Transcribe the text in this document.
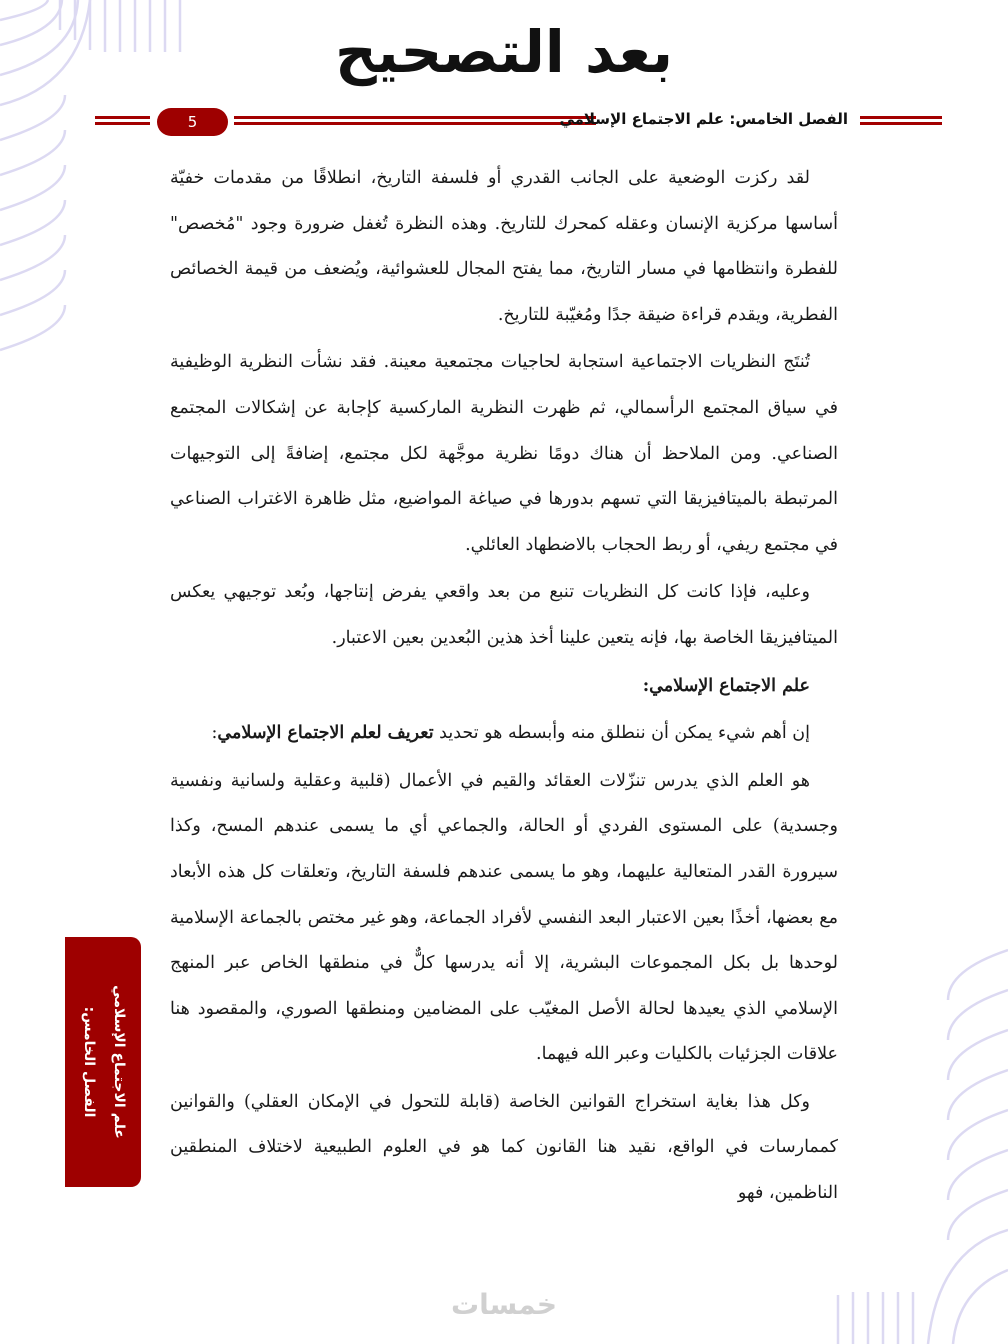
بعد التصحيح
5	الفصل الخامس: علم الاجتماع الإسلامي

لقد ركزت الوضعية على الجانب القدري أو فلسفة التاريخ، انطلاقًا من مقدمات خفيّة أساسها مركزية الإنسان وعقله كمحرك للتاريخ. وهذه النظرة تُغفل ضرورة وجود "مُخصص" للفطرة وانتظامها في مسار التاريخ، مما يفتح المجال للعشوائية، ويُضعف من قيمة الخصائص الفطرية، ويقدم قراءة ضيقة جدًا ومُغيّبة للتاريخ.

تُنتَج النظريات الاجتماعية استجابة لحاجيات مجتمعية معينة. فقد نشأت النظرية الوظيفية في سياق المجتمع الرأسمالي، ثم ظهرت النظرية الماركسية كإجابة عن إشكالات المجتمع الصناعي. ومن الملاحظ أن هناك دومًا نظرية موجَّهة لكل مجتمع، إضافةً إلى التوجيهات المرتبطة بالميتافيزيقا التي تسهم بدورها في صياغة المواضيع، مثل ظاهرة الاغتراب الصناعي في مجتمع ريفي، أو ربط الحجاب بالاضطهاد العائلي.

وعليه، فإذا كانت كل النظريات تنبع من بعد واقعي يفرض إنتاجها، وبُعد توجيهي يعكس الميتافيزيقا الخاصة بها، فإنه يتعين علينا أخذ هذين البُعدين بعين الاعتبار.

علم الاجتماع الإسلامي:

إن أهم شيء يمكن أن ننطلق منه وأبسطه هو تحديد تعريف لعلم الاجتماع الإسلامي:

هو العلم الذي يدرس تنزّلات العقائد والقيم في الأعمال (قلبية وعقلية ولسانية ونفسية وجسدية) على المستوى الفردي أو الحالة، والجماعي أي ما يسمى عندهم المسح، وكذا سيرورة القدر المتعالية عليهما، وهو ما يسمى عندهم فلسفة التاريخ، وتعلقات كل هذه الأبعاد مع بعضها، أخذًا بعين الاعتبار البعد النفسي لأفراد الجماعة، وهو غير مختص بالجماعة الإسلامية لوحدها بل بكل المجموعات البشرية، إلا أنه يدرسها كلٌّ في منطقها الخاص عبر المنهج الإسلامي الذي يعيدها لحالة الأصل المغيّب على المضامين ومنطقها الصوري، والمقصود هنا علاقات الجزئيات بالكليات وعبر الله فيهما.

وكل هذا بغاية استخراج القوانين الخاصة (قابلة للتحول في الإمكان العقلي) والقوانين كممارسات في الواقع، نقيد هنا القانون كما هو في العلوم الطبيعية لاختلاف المنطقين الناظمين، فهو

علم الاجتماع الإسلامي
الفصل الخامس:
خمسات
